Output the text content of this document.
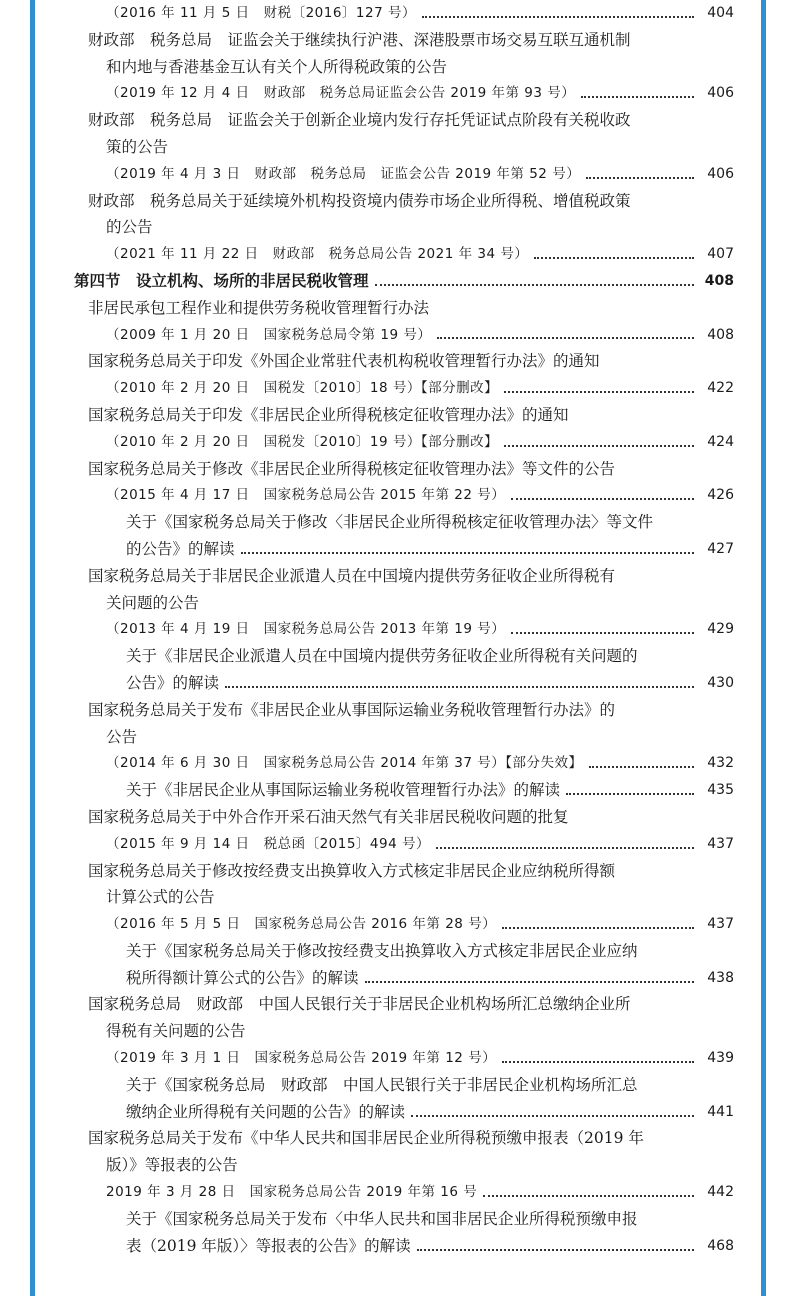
（2016 年 11 月 5 日　财税〔2016〕127 号）	404
财政部　税务总局　证监会关于继续执行沪港、深港股票市场交易互联互通机制
和内地与香港基金互认有关个人所得税政策的公告
（2019 年 12 月 4 日　财政部　税务总局证监会公告 2019 年第 93 号）	406
财政部　税务总局　证监会关于创新企业境内发行存托凭证试点阶段有关税收政
策的公告
（2019 年 4 月 3 日　财政部　税务总局　证监会公告 2019 年第 52 号）	406
财政部　税务总局关于延续境外机构投资境内债券市场企业所得税、增值税政策
的公告
（2021 年 11 月 22 日　财政部　税务总局公告 2021 年 34 号）	407
第四节　设立机构、场所的非居民税收管理	408
非居民承包工程作业和提供劳务税收管理暂行办法
（2009 年 1 月 20 日　国家税务总局令第 19 号）	408
国家税务总局关于印发《外国企业常驻代表机构税收管理暂行办法》的通知
（2010 年 2 月 20 日　国税发〔2010〕18 号）【部分删改】	422
国家税务总局关于印发《非居民企业所得税核定征收管理办法》的通知
（2010 年 2 月 20 日　国税发〔2010〕19 号）【部分删改】	424
国家税务总局关于修改《非居民企业所得税核定征收管理办法》等文件的公告
（2015 年 4 月 17 日　国家税务总局公告 2015 年第 22 号）	426
关于《国家税务总局关于修改〈非居民企业所得税核定征收管理办法〉等文件
的公告》的解读	427
国家税务总局关于非居民企业派遣人员在中国境内提供劳务征收企业所得税有
关问题的公告
（2013 年 4 月 19 日　国家税务总局公告 2013 年第 19 号）	429
关于《非居民企业派遣人员在中国境内提供劳务征收企业所得税有关问题的
公告》的解读	430
国家税务总局关于发布《非居民企业从事国际运输业务税收管理暂行办法》的
公告
（2014 年 6 月 30 日　国家税务总局公告 2014 年第 37 号）【部分失效】	432
关于《非居民企业从事国际运输业务税收管理暂行办法》的解读	435
国家税务总局关于中外合作开采石油天然气有关非居民税收问题的批复
（2015 年 9 月 14 日　税总函〔2015〕494 号）	437
国家税务总局关于修改按经费支出换算收入方式核定非居民企业应纳税所得额
计算公式的公告
（2016 年 5 月 5 日　国家税务总局公告 2016 年第 28 号）	437
关于《国家税务总局关于修改按经费支出换算收入方式核定非居民企业应纳
税所得额计算公式的公告》的解读	438
国家税务总局　财政部　中国人民银行关于非居民企业机构场所汇总缴纳企业所
得税有关问题的公告
（2019 年 3 月 1 日　国家税务总局公告 2019 年第 12 号）	439
关于《国家税务总局　财政部　中国人民银行关于非居民企业机构场所汇总
缴纳企业所得税有关问题的公告》的解读	441
国家税务总局关于发布《中华人民共和国非居民企业所得税预缴申报表（2019 年
版）》等报表的公告
2019 年 3 月 28 日　国家税务总局公告 2019 年第 16 号	442
关于《国家税务总局关于发布〈中华人民共和国非居民企业所得税预缴申报
表（2019 年版）〉等报表的公告》的解读	468
